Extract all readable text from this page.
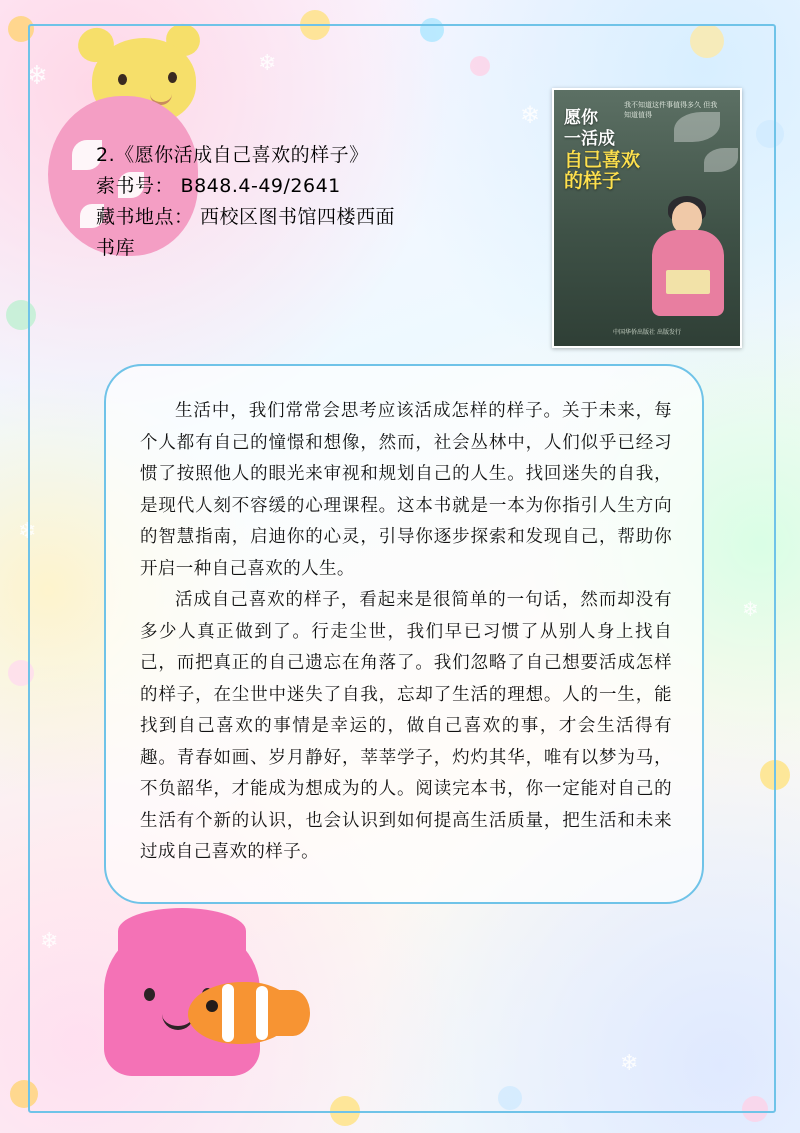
❄	❄
❄
❄
❄
❄
❄
2.《愿你活成自己喜欢的样子》
索书号： B848.4-49/2641
藏书地点： 西校区图书馆四楼西面
书库
我不知道这件事值得多久 但我知道值得
愿你
一活成
自己喜欢
的样子
中国华侨出版社 出版发行

生活中，我们常常会思考应该活成怎样的样子。关于未来，每个人都有自己的憧憬和想像，然而，社会丛林中，人们似乎已经习惯了按照他人的眼光来审视和规划自己的人生。找回迷失的自我，是现代人刻不容缓的心理课程。这本书就是一本为你指引人生方向的智慧指南，启迪你的心灵，引导你逐步探索和发现自己，帮助你开启一种自己喜欢的人生。

活成自己喜欢的样子，看起来是很简单的一句话，然而却没有多少人真正做到了。行走尘世，我们早已习惯了从别人身上找自己，而把真正的自己遗忘在角落了。我们忽略了自己想要活成怎样的样子，在尘世中迷失了自我，忘却了生活的理想。人的一生，能找到自己喜欢的事情是幸运的，做自己喜欢的事，才会生活得有趣。青春如画、岁月静好，莘莘学子，灼灼其华，唯有以梦为马，不负韶华，才能成为想成为的人。阅读完本书，你一定能对自己的生活有个新的认识，也会认识到如何提高生活质量，把生活和未来过成自己喜欢的样子。
